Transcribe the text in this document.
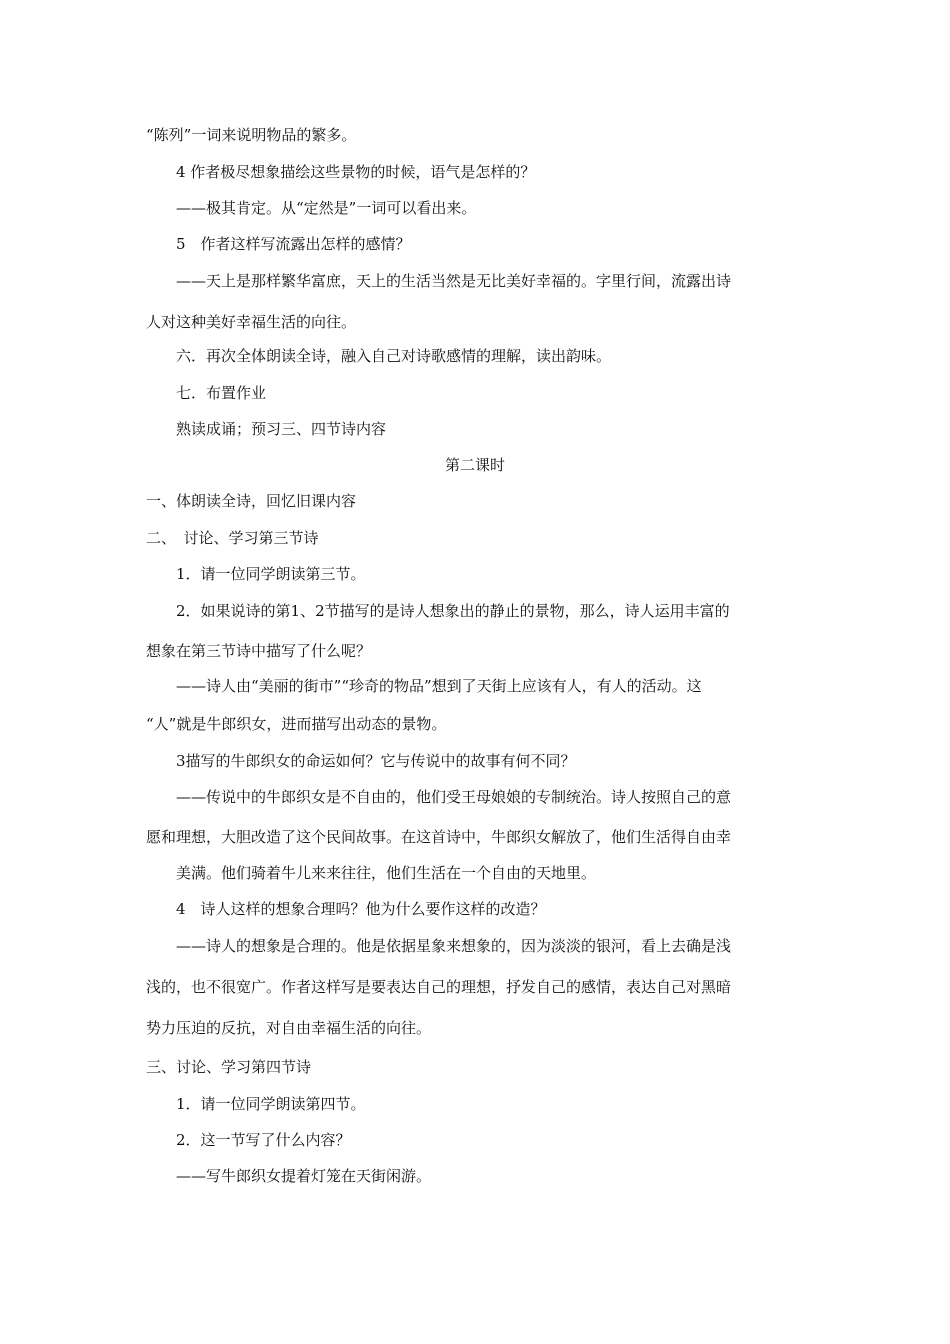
“陈列”一词来说明物品的繁多。
4 作者极尽想象描绘这些景物的时候，语气是怎样的？
——极其肯定。从“定然是”一词可以看出来。
5　作者这样写流露出怎样的感情？
——天上是那样繁华富庶，天上的生活当然是无比美好幸福的。字里行间，流露出诗
人对这种美好幸福生活的向往。
六．再次全体朗读全诗，融入自己对诗歌感情的理解，读出韵味。
七．布置作业
熟读成诵；预习三、四节诗内容
第二课时
一、体朗读全诗，回忆旧课内容
二、　讨论、学习第三节诗
1．请一位同学朗读第三节。
2．如果说诗的第1、2节描写的是诗人想象出的静止的景物，那么，诗人运用丰富的
想象在第三节诗中描写了什么呢？
——诗人由“美丽的街市”“珍奇的物品”想到了天街上应该有人，有人的活动。这
“人”就是牛郎织女，进而描写出动态的景物。
3描写的牛郎织女的命运如何？它与传说中的故事有何不同？
——传说中的牛郎织女是不自由的，他们受王母娘娘的专制统治。诗人按照自己的意
愿和理想，大胆改造了这个民间故事。在这首诗中，牛郎织女解放了，他们生活得自由幸
美满。他们骑着牛儿来来往往，他们生活在一个自由的天地里。
4　诗人这样的想象合理吗？他为什么要作这样的改造？
——诗人的想象是合理的。他是依据星象来想象的，因为淡淡的银河，看上去确是浅
浅的，也不很宽广。作者这样写是要表达自己的理想，抒发自己的感情，表达自己对黑暗
势力压迫的反抗，对自由幸福生活的向往。
三、讨论、学习第四节诗
1．请一位同学朗读第四节。
2．这一节写了什么内容？
——写牛郎织女提着灯笼在天街闲游。
